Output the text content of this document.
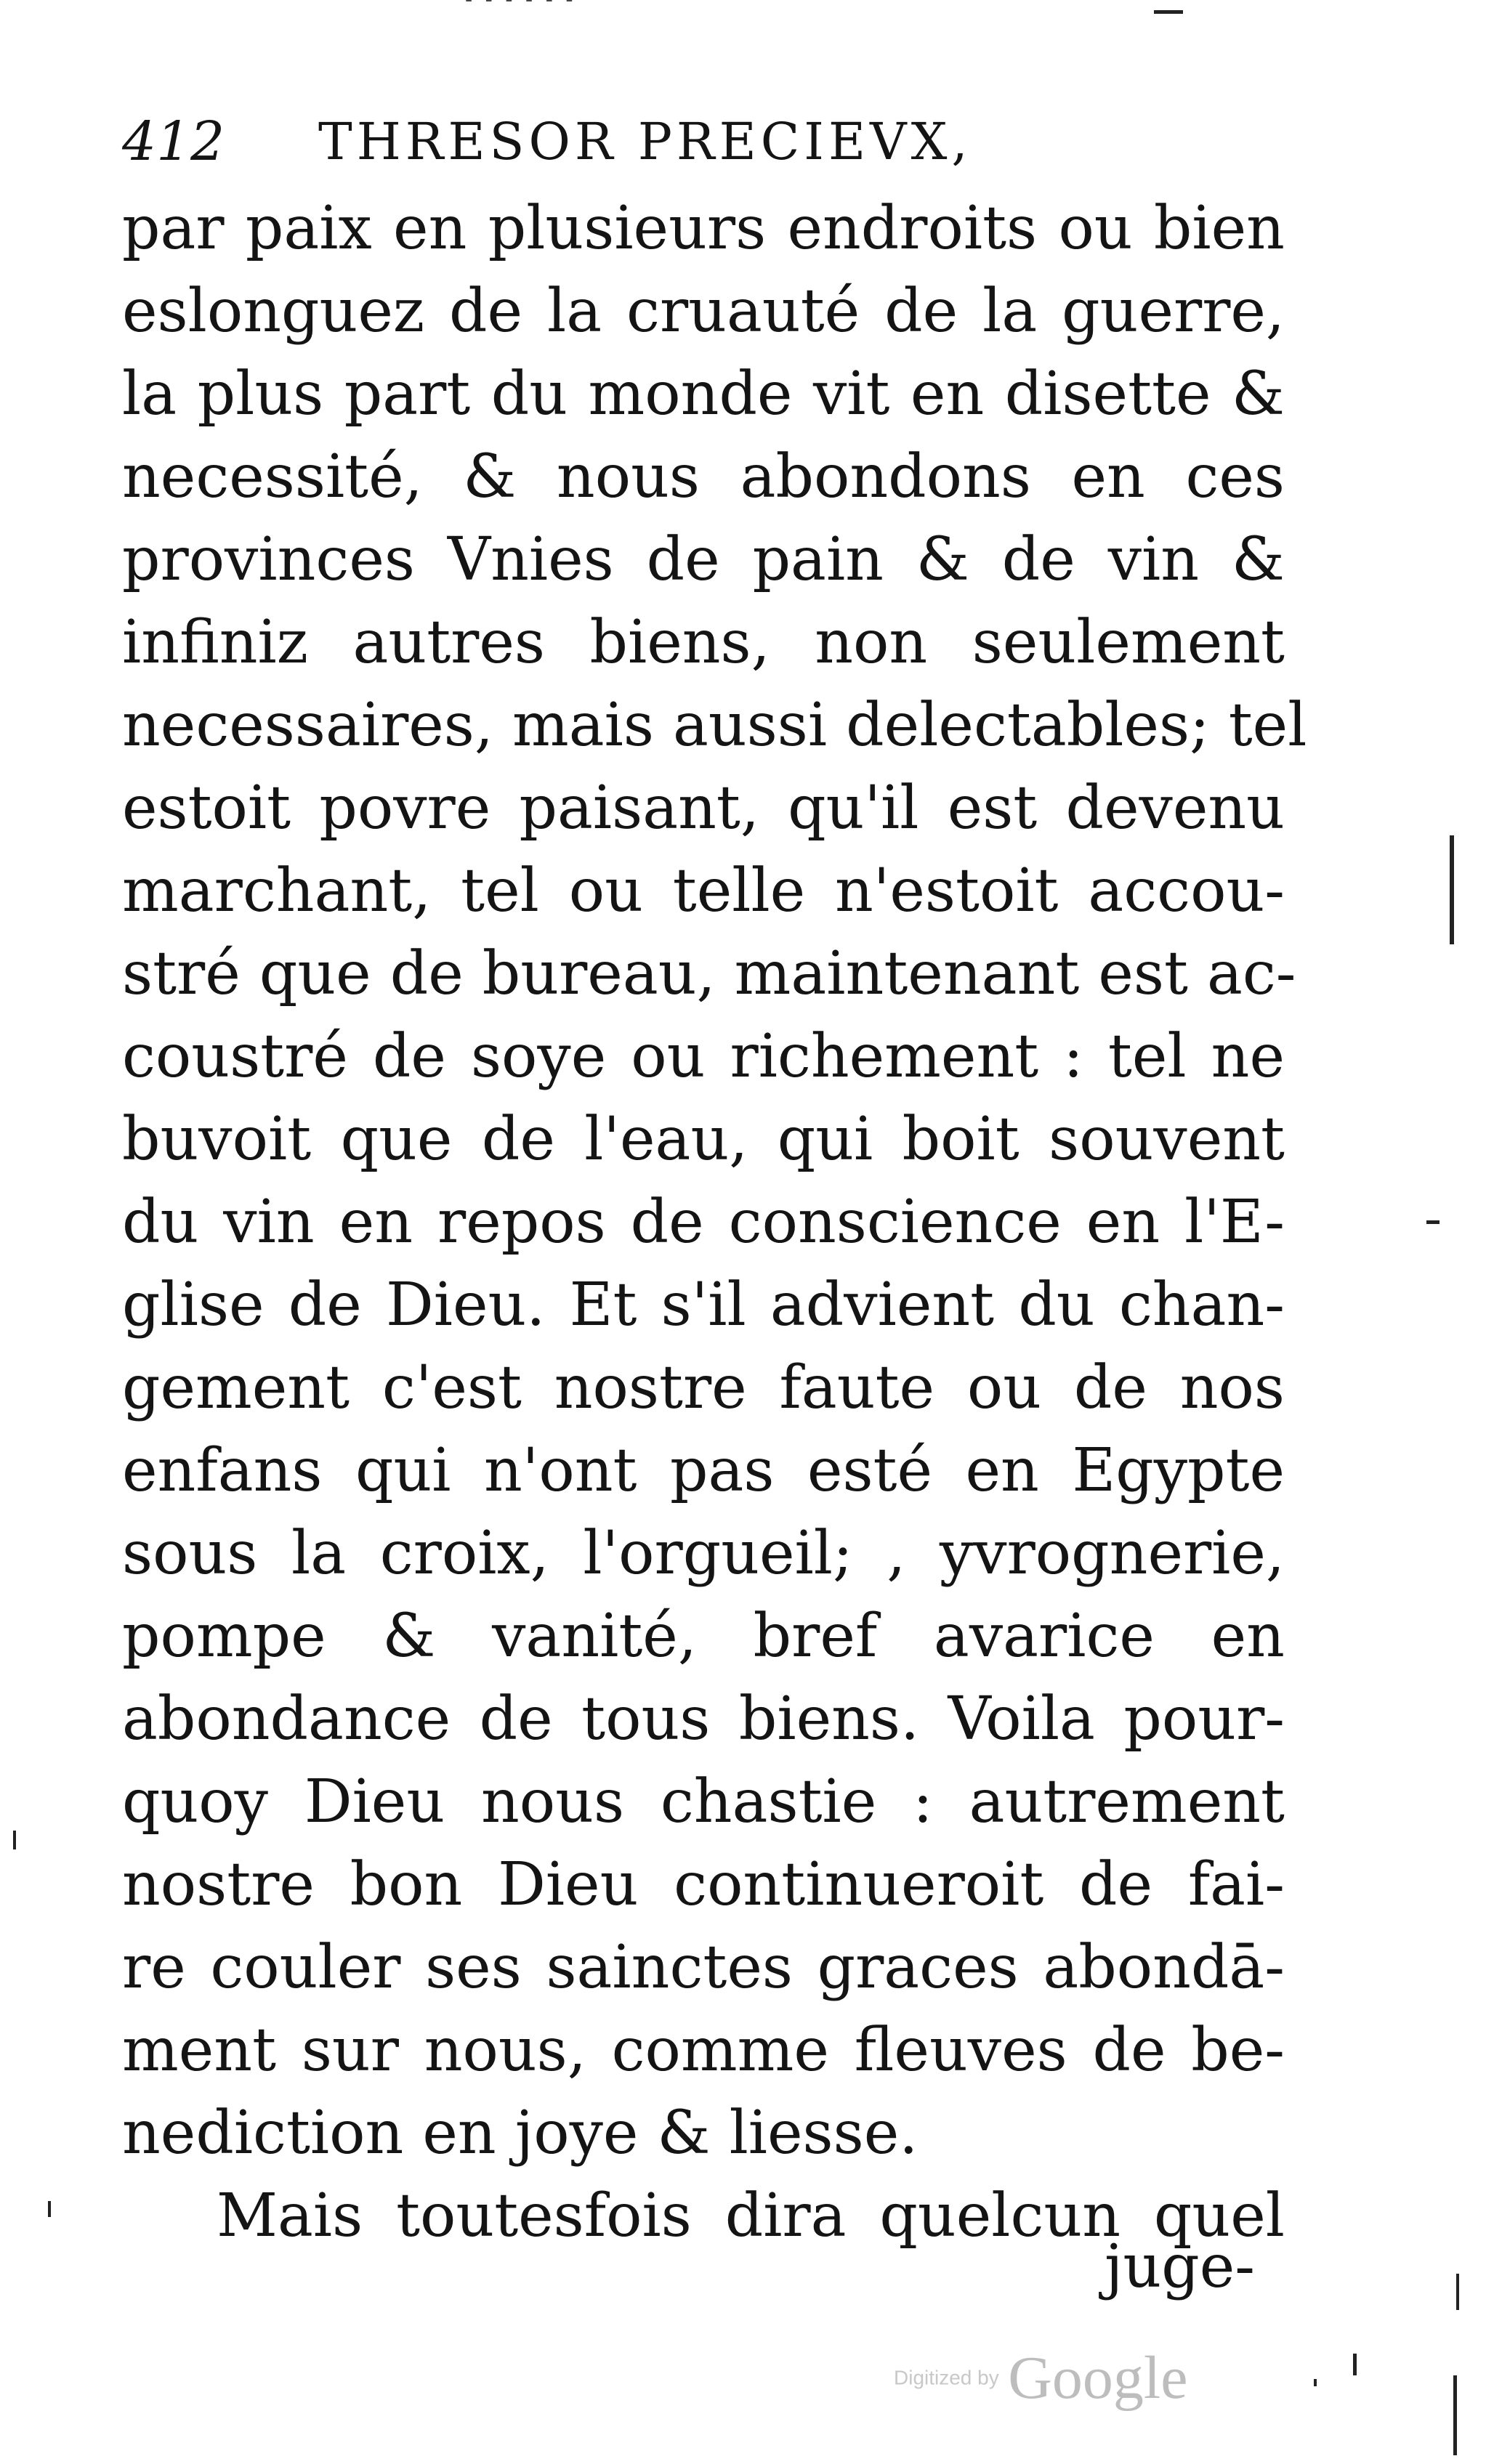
412 THRESOR PRECIEVX,
par paix en plusieurs endroits ou bien
eslonguez de la cruauté de la guerre,
la plus part du monde vit en disette &
necessité, & nous abondons en ces
provinces Vnies de pain & de vin &
infiniz autres biens, non seulement
necessaires, mais aussi delectables; tel
estoit povre paisant, qu'il est devenu
marchant, tel ou telle n'estoit accou-
stré que de bureau, maintenant est ac-
coustré de soye ou richement : tel ne
buvoit que de l'eau, qui boit souvent
du vin en repos de conscience en l'E-
glise de Dieu. Et s'il advient du chan-
gement c'est nostre faute ou de nos
enfans qui n'ont pas esté en Egypte
sous la croix, l'orgueil; , yvrognerie,
pompe & vanité, bref avarice en
abondance de tous biens. Voila pour-
quoy Dieu nous chastie : autrement
nostre bon Dieu continueroit de fai-
re couler ses sainctes graces abondā-
ment sur nous, comme fleuves de be-
nediction en joye & liesse.
Mais toutesfois dira quelcun quel
juge-
Digitized by Google
